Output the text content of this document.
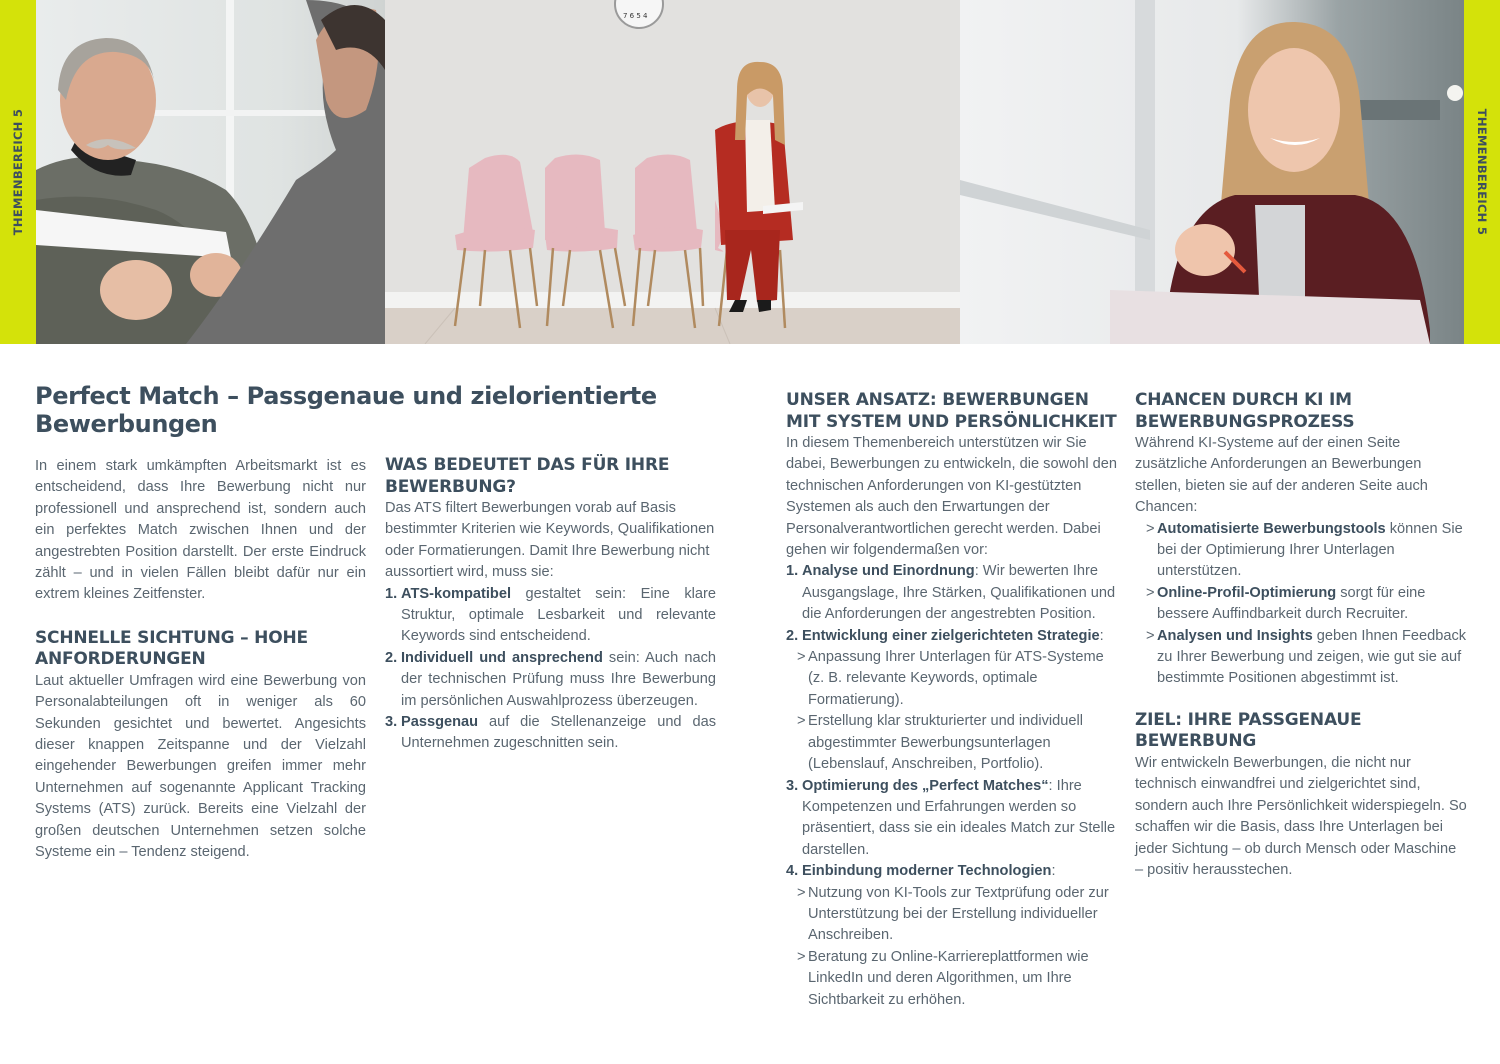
THEMENBEREICH 5
7 6 5 4
THEMENBEREICH 5
Perfect Match – Passgenaue und zielorientierte Bewerbungen

In einem stark umkämpften Arbeitsmarkt ist es entscheidend, dass Ihre Bewerbung nicht nur professionell und ansprechend ist, sondern auch ein perfektes Match zwischen Ihnen und der angestrebten Position darstellt. Der erste Eindruck zählt – und in vielen Fällen bleibt dafür nur ein extrem kleines Zeitfenster.

SCHNELLE SICHTUNG – HOHE ANFORDERUNGEN

Laut aktueller Umfragen wird eine Bewerbung von Personalabteilungen oft in weniger als 60 Sekunden gesichtet und bewertet. Angesichts dieser knappen Zeitspanne und der Vielzahl eingehender Bewerbungen greifen immer mehr Unternehmen auf sogenannte Applicant Tracking Systems (ATS) zurück. Bereits eine Vielzahl der großen deutschen Unternehmen setzen solche Systeme ein – Tendenz steigend.

WAS BEDEUTET DAS FÜR IHRE BEWERBUNG?

Das ATS filtert Bewerbungen vorab auf Basis bestimmter Kriterien wie Keywords, Qualifikationen oder Formatierungen. Damit Ihre Bewerbung nicht aussortiert wird, muss sie:

1. ATS-kompatibel gestaltet sein: Eine klare Struktur, optimale Lesbarkeit und relevante Keywords sind entscheidend.
2. Individuell und ansprechend sein: Auch nach der technischen Prüfung muss Ihre Bewerbung im persönlichen Auswahlprozess überzeugen.
3. Passgenau auf die Stellenanzeige und das Unternehmen zugeschnitten sein.
UNSER ANSATZ: BEWERBUNGEN MIT SYSTEM UND PERSÖNLICHKEIT

In diesem Themenbereich unterstützen wir Sie dabei, Bewerbungen zu entwickeln, die sowohl den technischen Anforderungen von KI-gestützten Systemen als auch den Erwartungen der Personalverantwortlichen gerecht werden. Dabei gehen wir folgendermaßen vor:

1. Analyse und Einordnung: Wir bewerten Ihre Ausgangslage, Ihre Stärken, Qualifikationen und die Anforderungen der angestrebten Position.
2. Entwicklung einer zielgerichteten Strategie:
> Anpassung Ihrer Unterlagen für ATS-Systeme (z. B. relevante Keywords, optimale Formatierung).
> Erstellung klar strukturierter und individuell abgestimmter Bewerbungsunterlagen (Lebenslauf, Anschreiben, Portfolio).
3. Optimierung des „Perfect Matches“: Ihre Kompetenzen und Erfahrungen werden so präsentiert, dass sie ein ideales Match zur Stelle darstellen.
4. Einbindung moderner Technologien:
> Nutzung von KI-Tools zur Textprüfung oder zur Unterstützung bei der Erstellung individueller Anschreiben.
> Beratung zu Online-Karriereplattformen wie LinkedIn und deren Algorithmen, um Ihre Sichtbarkeit zu erhöhen.
CHANCEN DURCH KI IM BEWERBUNGSPROZESS

Während KI-Systeme auf der einen Seite zusätzliche Anforderungen an Bewerbungen stellen, bieten sie auf der anderen Seite auch Chancen:

> Automatisierte Bewerbungstools können Sie bei der Optimierung Ihrer Unterlagen unterstützen.
> Online-Profil-Optimierung sorgt für eine bessere Auffindbarkeit durch Recruiter.
> Analysen und Insights geben Ihnen Feedback zu Ihrer Bewerbung und zeigen, wie gut sie auf bestimmte Positionen abgestimmt ist.
ZIEL: IHRE PASSGENAUE BEWERBUNG

Wir entwickeln Bewerbungen, die nicht nur technisch einwandfrei und zielgerichtet sind, sondern auch Ihre Persönlichkeit widerspiegeln. So schaffen wir die Basis, dass Ihre Unterlagen bei jeder Sichtung – ob durch Mensch oder Maschine – positiv herausstechen.
